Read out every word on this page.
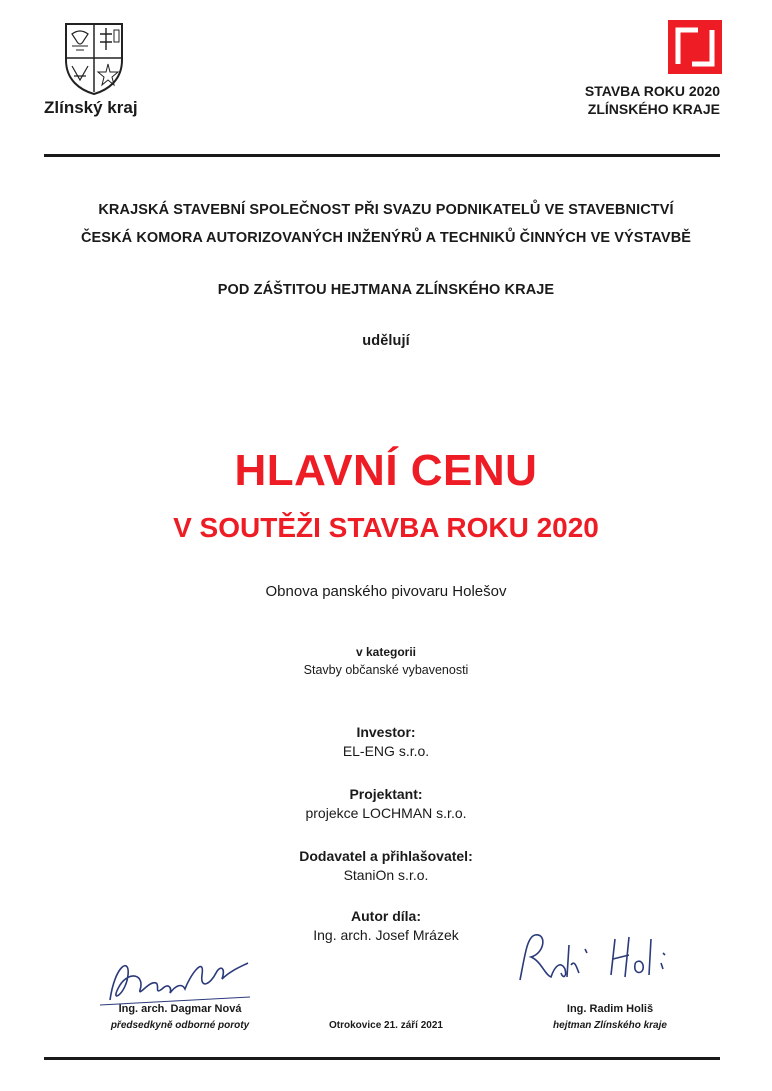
Zlínský kraj
STAVBA ROKU 2020
ZLÍNSKÉHO KRAJE
KRAJSKÁ STAVEBNÍ SPOLEČNOST PŘI SVAZU PODNIKATELŮ VE STAVEBNICTVÍ
ČESKÁ KOMORA AUTORIZOVANÝCH INŽENÝRŮ A TECHNIKŮ ČINNÝCH VE VÝSTAVBĚ
POD ZÁŠTITOU HEJTMANA ZLÍNSKÉHO KRAJE
udělují
HLAVNÍ CENU
V SOUTĚŽI STAVBA ROKU 2020
Obnova panského pivovaru Holešov
v kategorii
Stavby občanské vybavenosti
Investor:
EL-ENG s.r.o.
Projektant:
projekce LOCHMAN s.r.o.
Dodavatel a přihlašovatel:
StaniOn s.r.o.
Autor díla:
Ing. arch. Josef Mrázek
Ing. arch. Dagmar Nová
předsedkyně odborné poroty	Otrokovice 21. září 2021
Ing. Radim Holiš
hejtman Zlínského kraje
